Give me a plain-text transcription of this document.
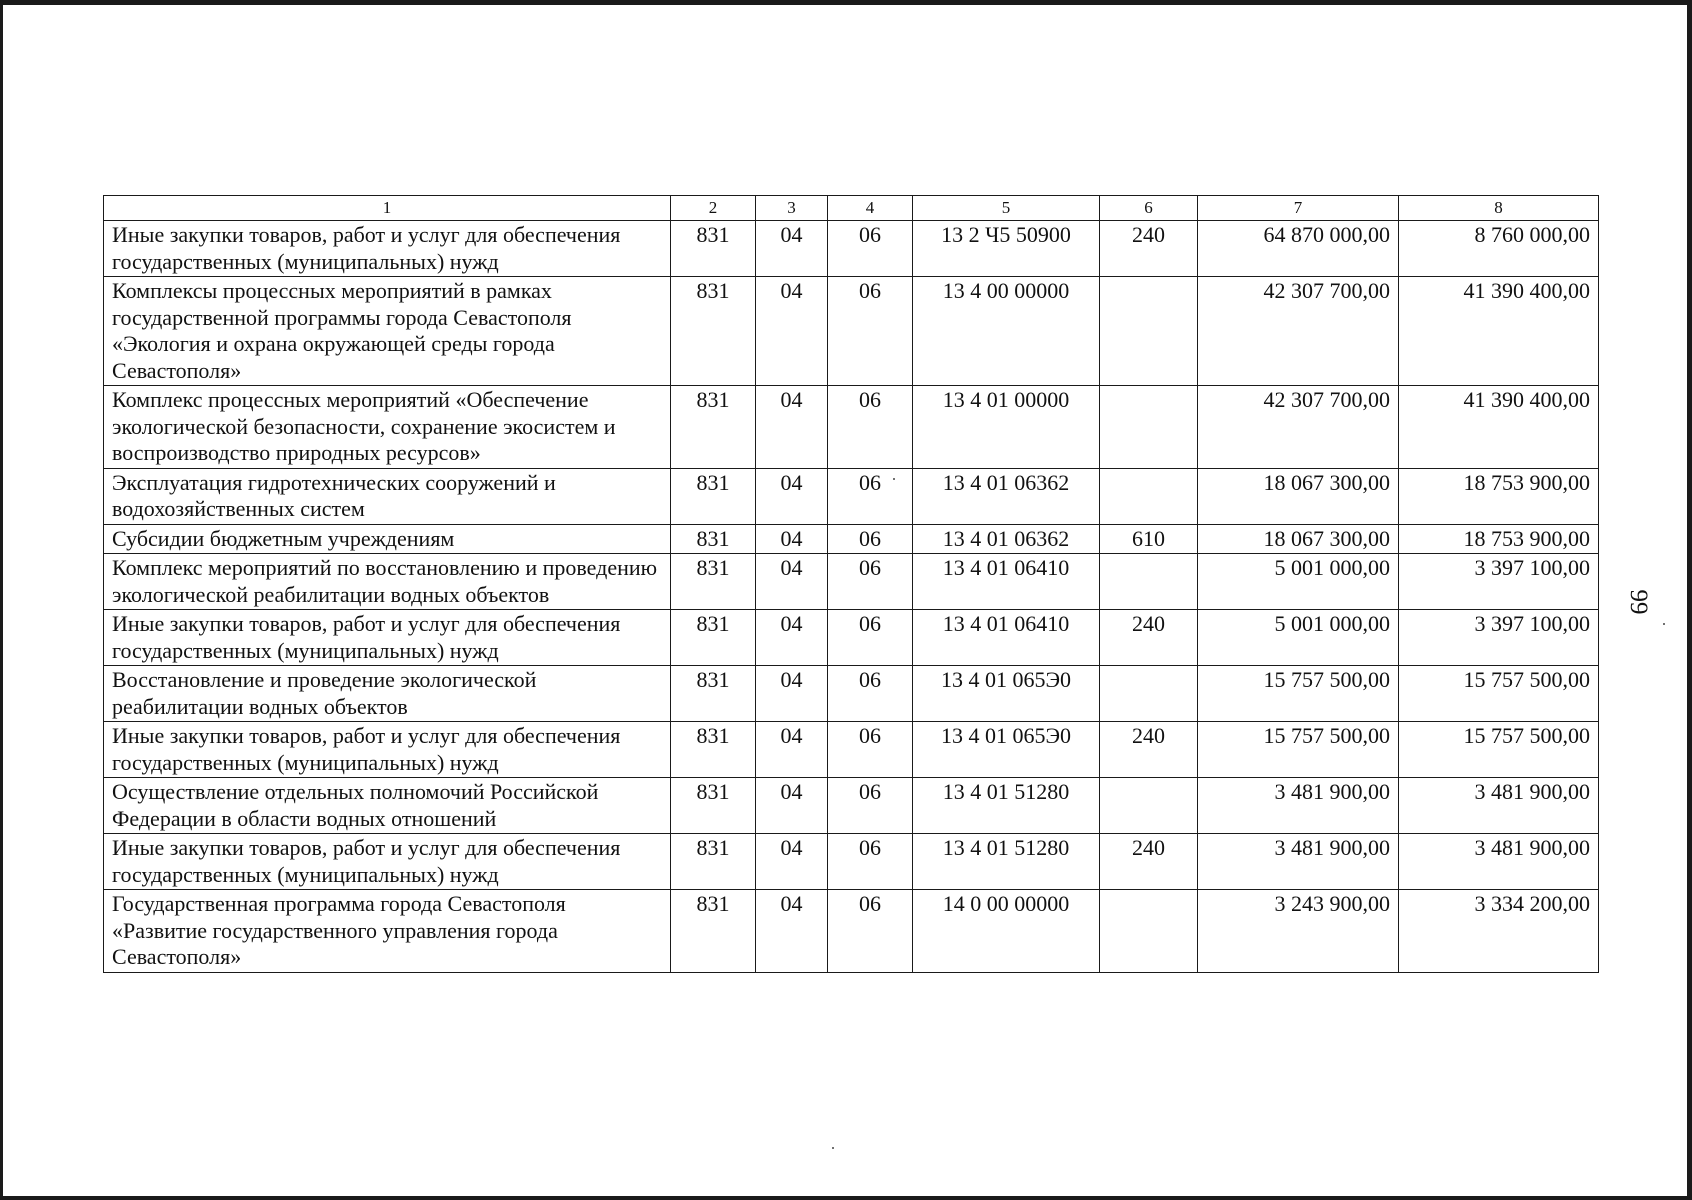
99
1	2	3	4	5	6	7	8
Иные закупки товаров, работ и услуг для обеспечения государственных (муниципальных) нужд	831	04	06	13 2 Ч5 50900	240	64 870 000,00	8 760 000,00
Комплексы процессных мероприятий в рамках государственной программы города Севастополя «Экология и охрана окружающей среды города Севастополя»	831	04	06	13 4 00 00000		42 307 700,00	41 390 400,00
Комплекс процессных мероприятий «Обеспечение экологической безопасности, сохранение экосистем и воспроизводство природных ресурсов»	831	04	06	13 4 01 00000		42 307 700,00	41 390 400,00
Эксплуатация гидротехнических сооружений и водохозяйственных систем	831	04	06	13 4 01 06362		18 067 300,00	18 753 900,00
Субсидии бюджетным учреждениям	831	04	06	13 4 01 06362	610	18 067 300,00	18 753 900,00
Комплекс мероприятий по восстановлению и проведению экологической реабилитации водных объектов	831	04	06	13 4 01 06410		5 001 000,00	3 397 100,00
Иные закупки товаров, работ и услуг для обеспечения государственных (муниципальных) нужд	831	04	06	13 4 01 06410	240	5 001 000,00	3 397 100,00
Восстановление и проведение экологической реабилитации водных объектов	831	04	06	13 4 01 065Э0		15 757 500,00	15 757 500,00
Иные закупки товаров, работ и услуг для обеспечения государственных (муниципальных) нужд	831	04	06	13 4 01 065Э0	240	15 757 500,00	15 757 500,00
Осуществление отдельных полномочий Российской Федерации в области водных отношений	831	04	06	13 4 01 51280		3 481 900,00	3 481 900,00
Иные закупки товаров, работ и услуг для обеспечения государственных (муниципальных) нужд	831	04	06	13 4 01 51280	240	3 481 900,00	3 481 900,00
Государственная программа города Севастополя «Развитие государственного управления города Севастополя»	831	04	06	14 0 00 00000		3 243 900,00	3 334 200,00
